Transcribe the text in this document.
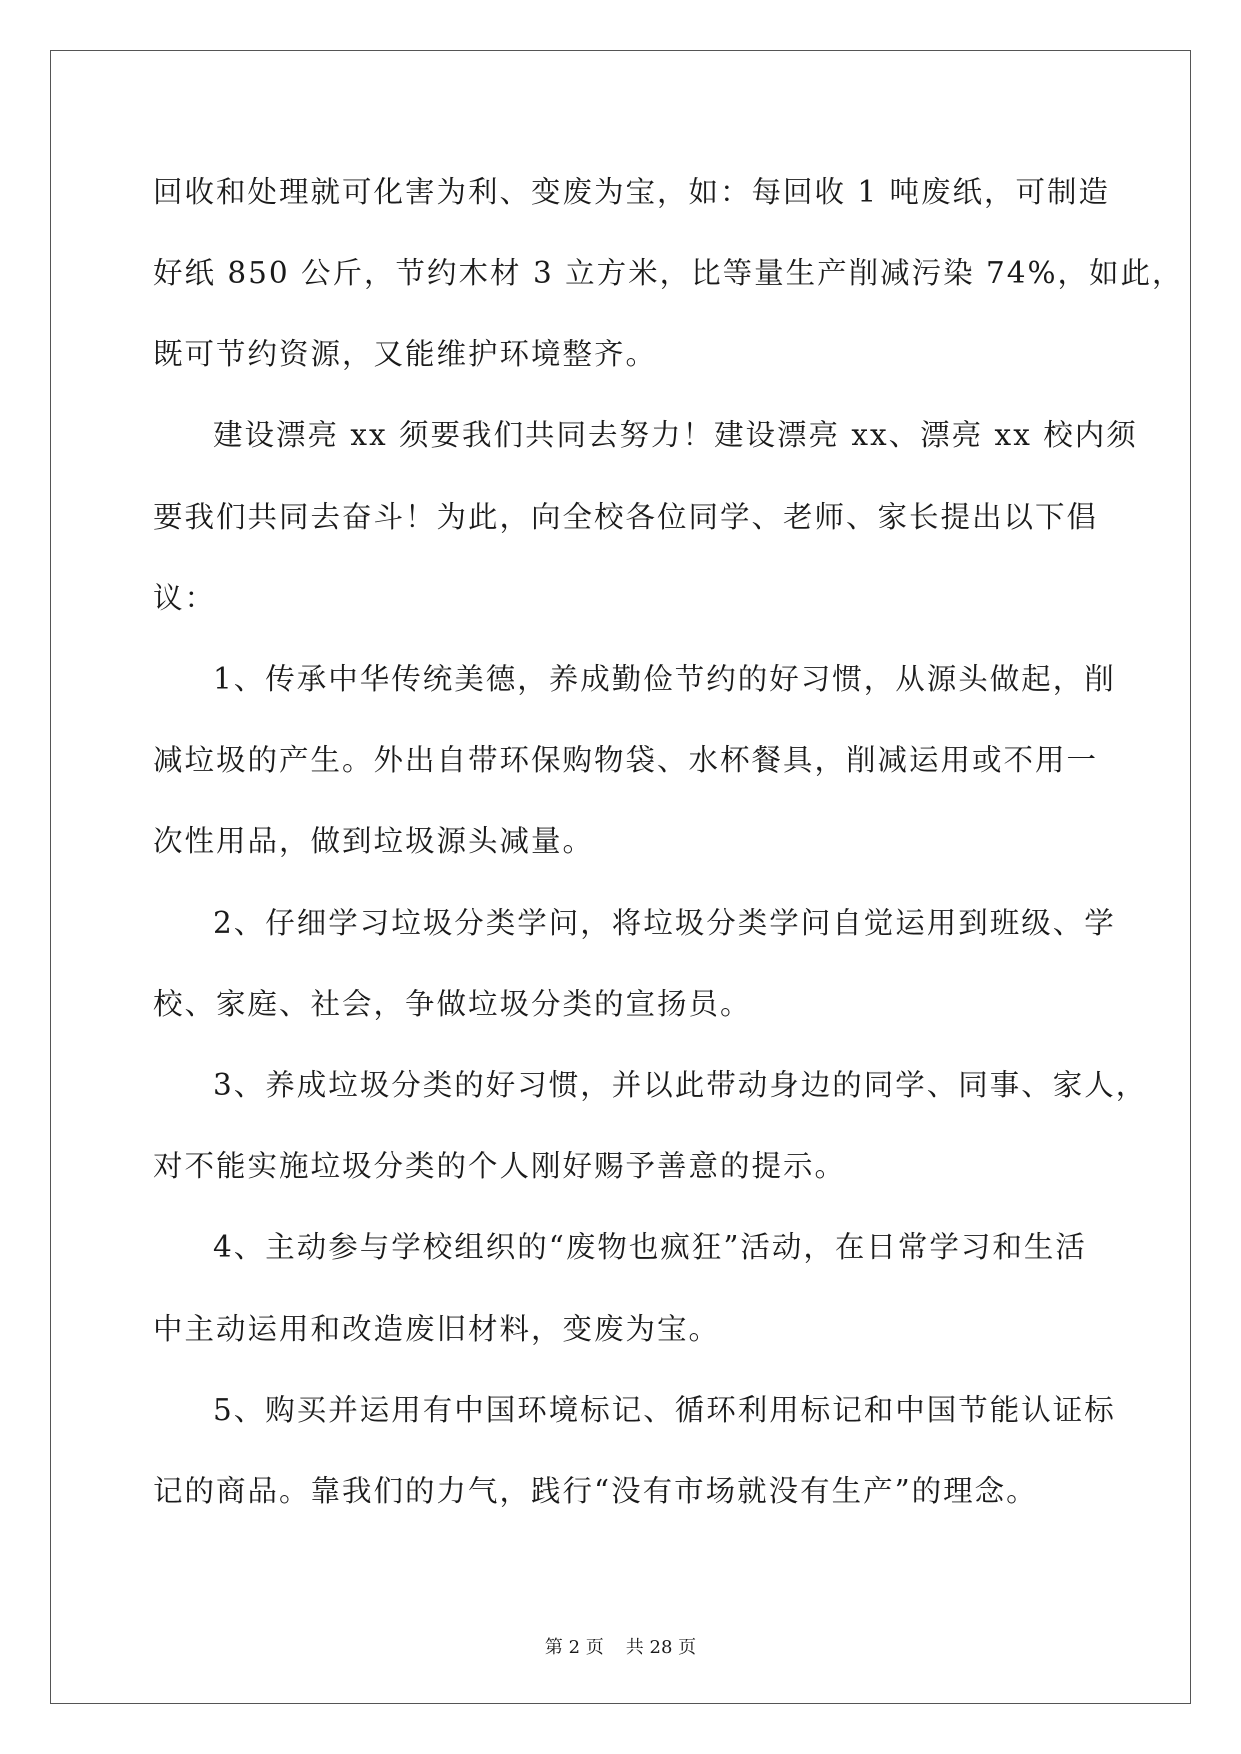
回收和处理就可化害为利、变废为宝，如：每回收 1 吨废纸，可制造

好纸 850 公斤，节约木材 3 立方米，比等量生产削减污染 74%，如此，

既可节约资源，又能维护环境整齐。

建设漂亮 xx 须要我们共同去努力！建设漂亮 xx、漂亮 xx 校内须

要我们共同去奋斗！为此，向全校各位同学、老师、家长提出以下倡

议：

1、传承中华传统美德，养成勤俭节约的好习惯，从源头做起，削

减垃圾的产生。外出自带环保购物袋、水杯餐具，削减运用或不用一

次性用品，做到垃圾源头减量。

2、仔细学习垃圾分类学问，将垃圾分类学问自觉运用到班级、学

校、家庭、社会，争做垃圾分类的宣扬员。

3、养成垃圾分类的好习惯，并以此带动身边的同学、同事、家人，

对不能实施垃圾分类的个人刚好赐予善意的提示。

4、主动参与学校组织的“废物也疯狂”活动，在日常学习和生活

中主动运用和改造废旧材料，变废为宝。

5、购买并运用有中国环境标记、循环利用标记和中国节能认证标

记的商品。靠我们的力气，践行“没有市场就没有生产”的理念。

第 2 页 共 28 页
